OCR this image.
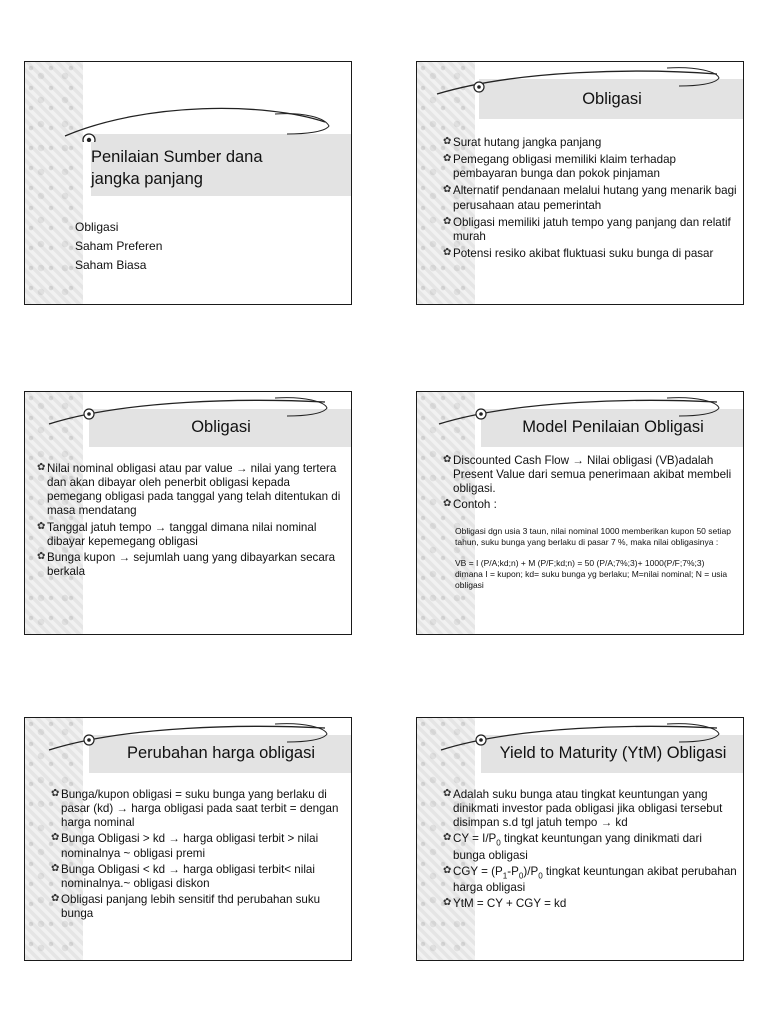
Penilaian Sumber dana jangka panjang
Obligasi
Saham Preferen
Saham Biasa
Obligasi
✿ Surat hutang jangka panjang
✿ Pemegang obligasi memiliki klaim terhadap pembayaran bunga dan pokok pinjaman
✿ Alternatif pendanaan melalui hutang yang menarik bagi perusahaan atau pemerintah
✿ Obligasi memiliki jatuh tempo yang panjang dan relatif murah
✿ Potensi resiko akibat fluktuasi suku bunga di pasar
Obligasi
✿ Nilai nominal obligasi atau par value → nilai yang tertera dan akan dibayar oleh penerbit obligasi kepada pemegang obligasi pada tanggal yang telah ditentukan di masa mendatang
✿ Tanggal jatuh tempo → tanggal dimana nilai nominal dibayar kepemegang obligasi
✿ Bunga kupon → sejumlah uang yang dibayarkan secara berkala
Model Penilaian Obligasi
✿ Discounted Cash Flow → Nilai obligasi (VB)adalah Present Value dari semua penerimaan akibat membeli obligasi.
✿ Contoh :

Obligasi dgn usia 3 taun, nilai nominal 1000 memberikan kupon 50 setiap tahun, suku bunga yang berlaku di pasar 7 %, maka nilai obligasinya :

VB = I (P/A;kd;n) + M (P/F;kd;n) = 50 (P/A;7%;3)+ 1000(P/F;7%;3)

dimana I = kupon; kd= suku bunga yg berlaku; M=nilai nominal; N = usia obligasi

Perubahan harga obligasi
✿ Bunga/kupon obligasi = suku bunga yang berlaku di pasar (kd) → harga obligasi pada saat terbit = dengan harga nominal
✿ Bunga Obligasi > kd → harga obligasi terbit > nilai nominalnya ~ obligasi premi
✿ Bunga Obligasi < kd → harga obligasi terbit< nilai nominalnya.~ obligasi diskon
✿ Obligasi panjang lebih sensitif thd perubahan suku bunga
Yield to Maturity (YtM) Obligasi
✿ Adalah suku bunga atau tingkat keuntungan yang dinikmati investor pada obligasi jika obligasi tersebut disimpan s.d tgl jatuh tempo → kd
✿ CY = $I/P_0$ tingkat keuntungan yang dinikmati dari bunga obligasi
✿ CGY = $(P_1-P_0)/P_0$ tingkat keuntungan akibat perubahan harga obligasi
✿ YtM = CY + CGY = kd
